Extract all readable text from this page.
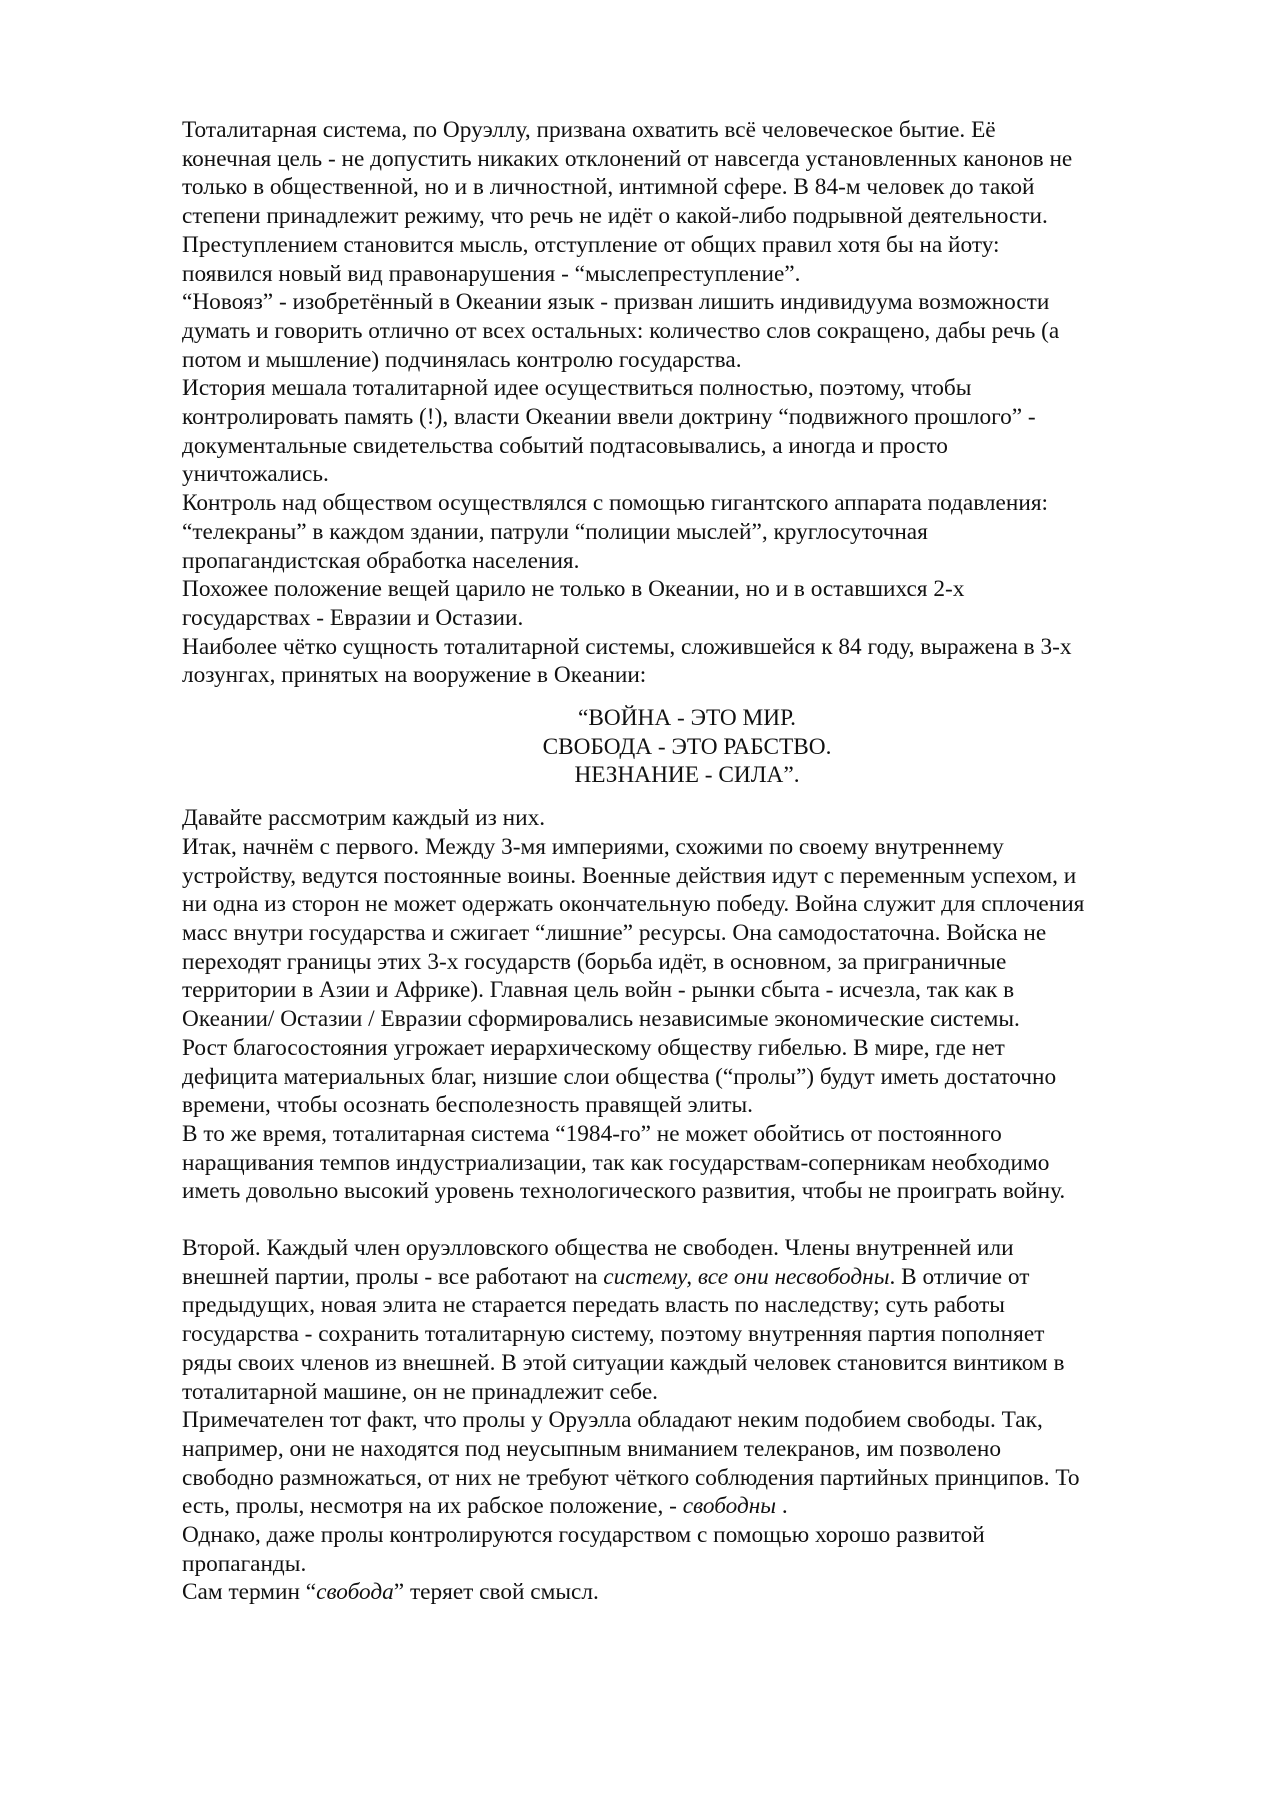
Тоталитарная система, по Оруэллу, призвана охватить всё человеческое бытие. Её
конечная цель - не допустить никаких отклонений от навсегда установленных канонов не
только в общественной, но и в личностной, интимной сфере. В 84-м человек до такой
степени принадлежит режиму, что речь не идёт о какой-либо подрывной деятельности.
Преступлением становится мысль, отступление от общих правил хотя бы на йоту:
появился новый вид правонарушения - “мыслепреступление”.
“Новояз” - изобретённый в Океании язык - призван лишить индивидуума возможности
думать и говорить отлично от всех остальных: количество слов сокращено, дабы речь (а
потом и мышление) подчинялась контролю государства.
История мешала тоталитарной идее осуществиться полностью, поэтому, чтобы
контролировать память (!), власти Океании ввели доктрину “подвижного прошлого” -
документальные свидетельства событий подтасовывались, а иногда и просто
уничтожались.
Контроль над обществом осуществлялся с помощью гигантского аппарата подавления:
“телекраны” в каждом здании, патрули “полиции мыслей”, круглосуточная
пропагандистская обработка населения.
Похожее положение вещей царило не только в Океании, но и в оставшихся 2-х
государствах - Евразии и Остазии.
Наиболее чётко сущность тоталитарной системы, сложившейся к 84 году, выражена в 3-х
лозунгах, принятых на вооружение в Океании:
“ВОЙНА - ЭТО МИР.
СВОБОДА - ЭТО РАБСТВО.
НЕЗНАНИЕ - СИЛА”.
Давайте рассмотрим каждый из них.
Итак, начнём с первого. Между 3-мя империями, схожими по своему внутреннему
устройству, ведутся постоянные воины. Военные действия идут с переменным успехом, и
ни одна из сторон не может одержать окончательную победу. Война служит для сплочения
масс внутри государства и сжигает “лишние” ресурсы. Она самодостаточна. Войска не
переходят границы этих 3-х государств (борьба идёт, в основном, за приграничные
территории в Азии и Африке). Главная цель войн - рынки сбыта - исчезла, так как в
Океании/ Остазии / Евразии сформировались независимые экономические системы.
Рост благосостояния угрожает иерархическому обществу гибелью. В мире, где нет
дефицита материальных благ, низшие слои общества (“пролы”) будут иметь достаточно
времени, чтобы осознать бесполезность правящей элиты.
В то же время, тоталитарная система “1984-го” не может обойтись от постоянного
наращивания темпов индустриализации, так как государствам-соперникам необходимо
иметь довольно высокий уровень технологического развития, чтобы не проиграть войну.
Второй. Каждый член оруэлловского общества не свободен. Члены внутренней или
внешней партии, пролы - все работают на систему, все они несвободны. В отличие от
предыдущих, новая элита не старается передать власть по наследству; суть работы
государства - сохранить тоталитарную систему, поэтому внутренняя партия пополняет
ряды своих членов из внешней. В этой ситуации каждый человек становится винтиком в
тоталитарной машине, он не принадлежит себе.
Примечателен тот факт, что пролы у Оруэлла обладают неким подобием свободы. Так,
например, они не находятся под неусыпным вниманием телекранов, им позволено
свободно размножаться, от них не требуют чёткого соблюдения партийных принципов. То
есть, пролы, несмотря на их рабское положение, - свободны .
Однако, даже пролы контролируются государством с помощью хорошо развитой
пропаганды.
Сам термин “свобода” теряет свой смысл.
